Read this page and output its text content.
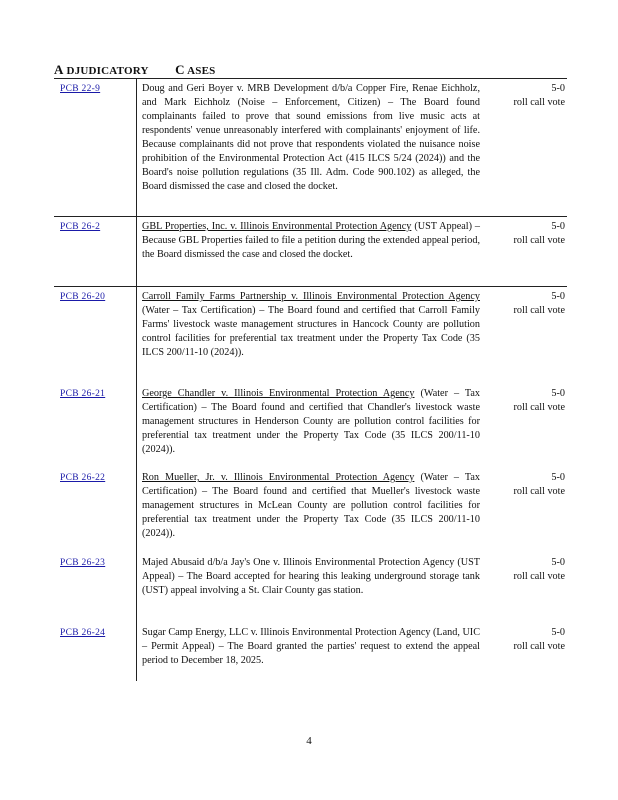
A DJUDICATORY C ASES
PCB 22-9	Doug and Geri Boyer v. MRB Development d/b/a Copper Fire, Renae Eichholz, and Mark Eichholz (Noise – Enforcement, Citizen) – The Board found complainants failed to prove that sound emissions from live music acts at respondents' venue unreasonably interfered with complainants' enjoyment of life. Because complainants did not prove that respondents violated the nuisance noise prohibition of the Environmental Protection Act (415 ILCS 5/24 (2024)) and the Board's noise pollution regulations (35 Ill. Adm. Code 900.102) as alleged, the Board dismissed the case and closed the docket.
5-0
roll call vote
PCB 26-2	GBL Properties, Inc. v. Illinois Environmental Protection Agency (UST Appeal) – Because GBL Properties failed to file a petition during the extended appeal period, the Board dismissed the case and closed the docket.
5-0
roll call vote
PCB 26-20	Carroll Family Farms Partnership v. Illinois Environmental Protection Agency (Water – Tax Certification) – The Board found and certified that Carroll Family Farms' livestock waste management structures in Hancock County are pollution control facilities for preferential tax treatment under the Property Tax Code (35 ILCS 200/11-10 (2024)).
5-0
roll call vote
PCB 26-21	George Chandler v. Illinois Environmental Protection Agency (Water – Tax Certification) – The Board found and certified that Chandler's livestock waste management structures in Henderson County are pollution control facilities for preferential tax treatment under the Property Tax Code (35 ILCS 200/11-10 (2024)).
5-0
roll call vote
PCB 26-22	Ron Mueller, Jr. v. Illinois Environmental Protection Agency (Water – Tax Certification) – The Board found and certified that Mueller's livestock waste management structures in McLean County are pollution control facilities for preferential tax treatment under the Property Tax Code (35 ILCS 200/11-10 (2024)).
5-0
roll call vote
PCB 26-23	Majed Abusaid d/b/a Jay's One v. Illinois Environmental Protection Agency (UST Appeal) – The Board accepted for hearing this leaking underground storage tank (UST) appeal involving a St. Clair County gas station.
5-0
roll call vote
PCB 26-24	Sugar Camp Energy, LLC v. Illinois Environmental Protection Agency (Land, UIC – Permit Appeal) – The Board granted the parties' request to extend the appeal period to December 18, 2025.
5-0
roll call vote
4
